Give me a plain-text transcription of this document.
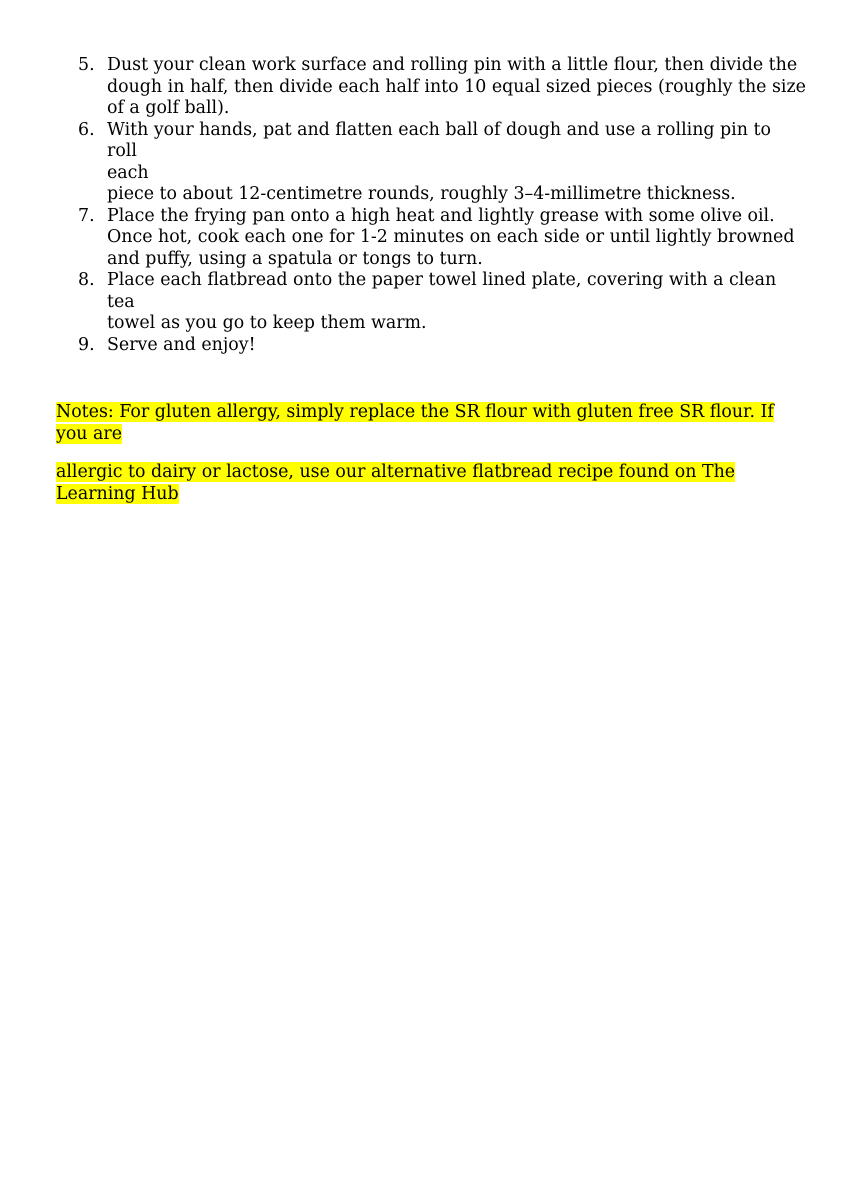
5. Dust your clean work surface and rolling pin with a little flour, then divide the
dough in half, then divide each half into 10 equal sized pieces (roughly the size
of a golf ball).
6. With your hands, pat and flatten each ball of dough and use a rolling pin to roll
each
piece to about 12-centimetre rounds, roughly 3–4-millimetre thickness.
7. Place the frying pan onto a high heat and lightly grease with some olive oil.
Once hot, cook each one for 1-2 minutes on each side or until lightly browned
and puffy, using a spatula or tongs to turn.
8. Place each flatbread onto the paper towel lined plate, covering with a clean tea
towel as you go to keep them warm.
9. Serve and enjoy!
Notes: For gluten allergy, simply replace the SR flour with gluten free SR flour. If
you are
allergic to dairy or lactose, use our alternative flatbread recipe found on The
Learning Hub
